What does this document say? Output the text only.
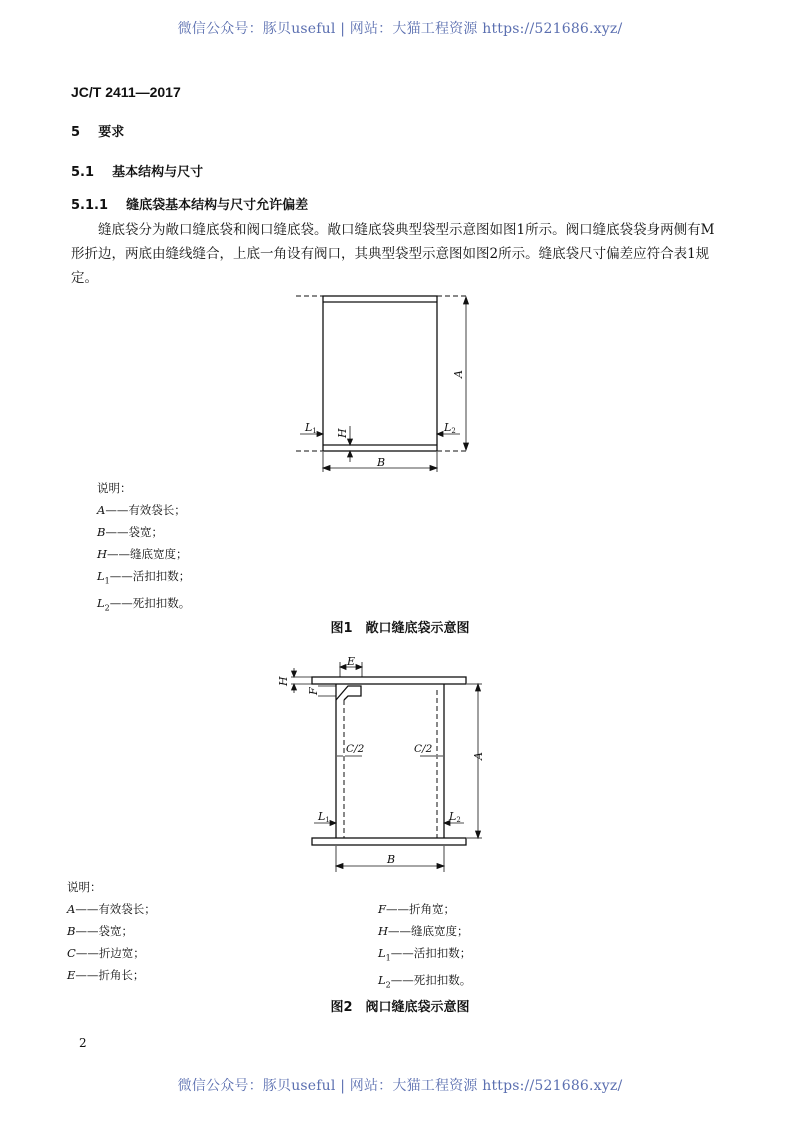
微信公众号：豚贝useful | 网站：大猫工程资源 https://521686.xyz/
微信公众号：豚贝useful | 网站：大猫工程资源 https://521686.xyz/
JC/T 2411—2017
5 要求
5.1 基本结构与尺寸
5.1.1 缝底袋基本结构与尺寸允许偏差
缝底袋分为敞口缝底袋和阀口缝底袋。敞口缝底袋典型袋型示意图如图1所示。阀口缝底袋袋身两侧有M形折边，两底由缝线缝合，上底一角设有阀口，其典型袋型示意图如图2所示。缝底袋尺寸偏差应符合表1规定。
A
B
H
L1	L2
说明：
A——有效袋长；
B——袋宽；
H——缝底宽度；
$L_1——$活扣扣数；
$L_2——$死扣扣数。
图1　敞口缝底袋示意图
A
B
E
H
F
C/2	C/2
L1	L2
说明：
A——有效袋长；
B——袋宽；
C——折边宽；
E——折角长；
F——折角宽；
H——缝底宽度；
$L_1——$活扣扣数；
$L_2——$死扣扣数。
图2　阀口缝底袋示意图
2
